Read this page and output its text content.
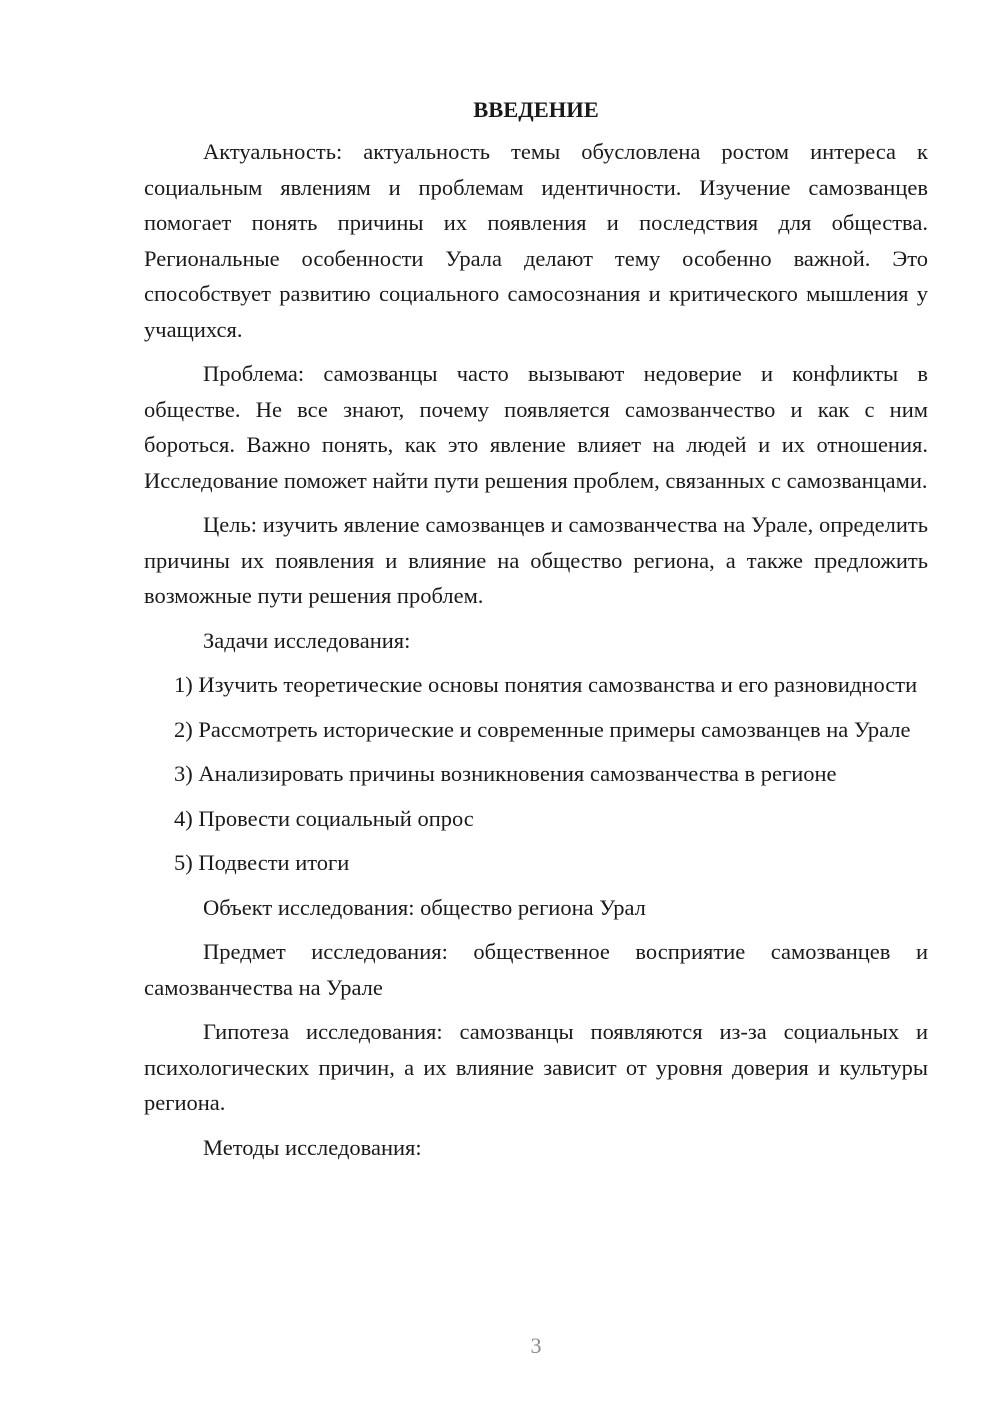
ВВЕДЕНИЕ

Актуальность: актуальность темы обусловлена ростом интереса к социальным явлениям и проблемам идентичности. Изучение самозванцев помогает понять причины их появления и последствия для общества. Региональные особенности Урала делают тему особенно важной. Это способствует развитию социального самосознания и критического мышления у учащихся.

Проблема: самозванцы часто вызывают недоверие и конфликты в обществе. Не все знают, почему появляется самозванчество и как с ним бороться. Важно понять, как это явление влияет на людей и их отношения. Исследование поможет найти пути решения проблем, связанных с самозванцами.

Цель: изучить явление самозванцев и самозванчества на Урале, определить причины их появления и влияние на общество региона, а также предложить возможные пути решения проблем.

Задачи исследования:

1) Изучить теоретические основы понятия самозванства и его разновидности

2) Рассмотреть исторические и современные примеры самозванцев на Урале

3) Анализировать причины возникновения самозванчества в регионе

4) Провести социальный опрос

5) Подвести итоги

Объект исследования: общество региона Урал

Предмет исследования: общественное восприятие самозванцев и самозванчества на Урале

Гипотеза исследования: самозванцы появляются из-за социальных и психологических причин, а их влияние зависит от уровня доверия и культуры региона.

Методы исследования:

3
